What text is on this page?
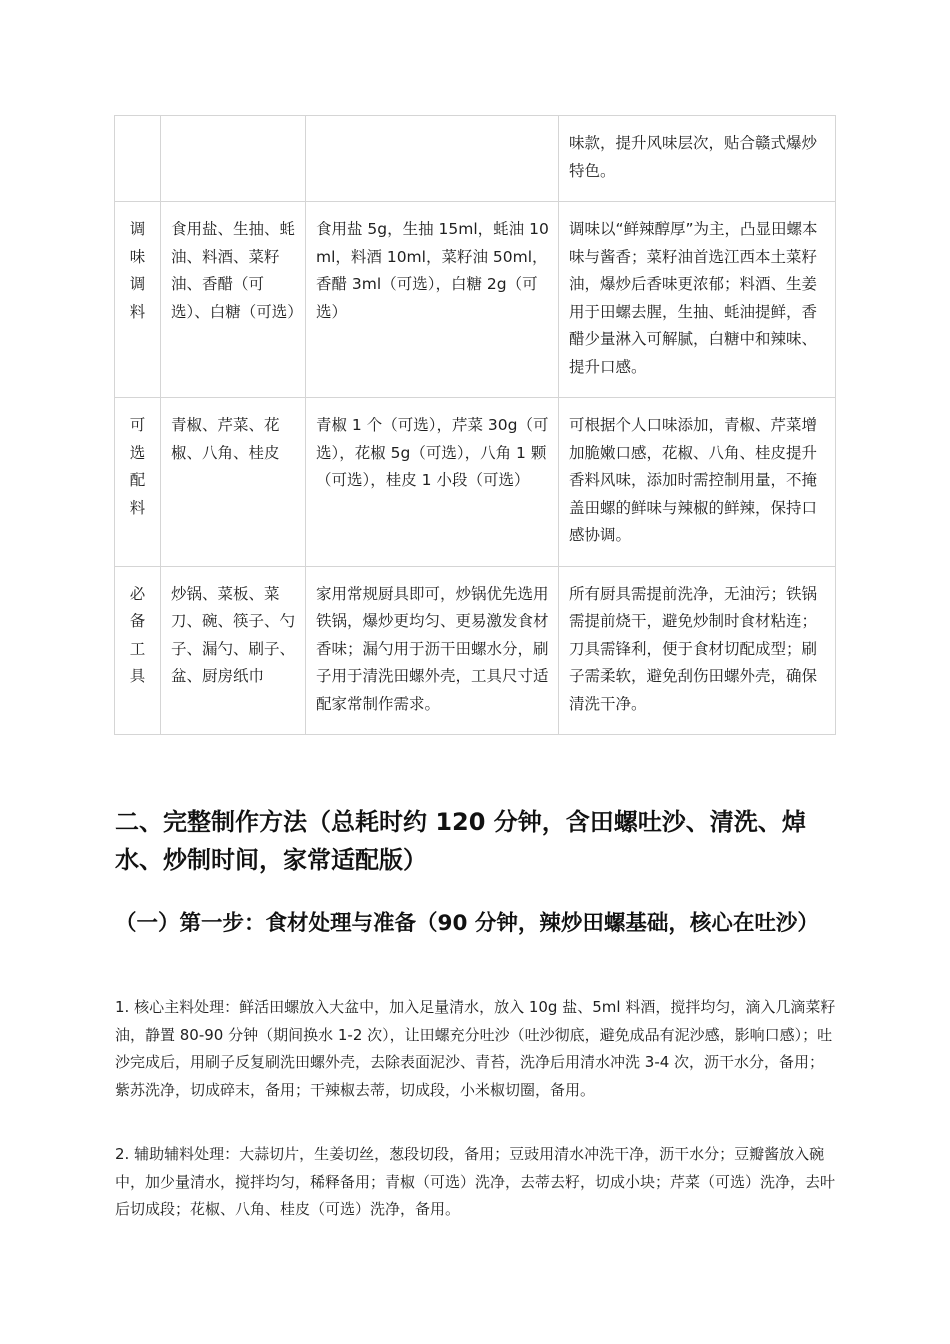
			味款，提升风味层次，贴合赣式爆炒特色。

调味调料	食用盐、生抽、蚝油、料酒、菜籽油、香醋（可选）、白糖（可选）	食用盐 5g，生抽 15ml，蚝油 10ml，料酒 10ml，菜籽油 50ml，香醋 3ml（可选），白糖 2g（可选）	调味以“鲜辣醇厚”为主，凸显田螺本味与酱香；菜籽油首选江西本土菜籽油，爆炒后香味更浓郁；料酒、生姜用于田螺去腥，生抽、蚝油提鲜，香醋少量淋入可解腻，白糖中和辣味、提升口感。

可选配料	青椒、芹菜、花椒、八角、桂皮	青椒 1 个（可选），芹菜 30g（可选），花椒 5g（可选），八角 1 颗（可选），桂皮 1 小段（可选）	可根据个人口味添加，青椒、芹菜增加脆嫩口感，花椒、八角、桂皮提升香料风味，添加时需控制用量，不掩盖田螺的鲜味与辣椒的鲜辣，保持口感协调。

必备工具	炒锅、菜板、菜刀、碗、筷子、勺子、漏勺、刷子、盆、厨房纸巾	家用常规厨具即可，炒锅优先选用铁锅，爆炒更均匀、更易激发食材香味；漏勺用于沥干田螺水分，刷子用于清洗田螺外壳，工具尺寸适配家常制作需求。	所有厨具需提前洗净，无油污；铁锅需提前烧干，避免炒制时食材粘连；刀具需锋利，便于食材切配成型；刷子需柔软，避免刮伤田螺外壳，确保清洗干净。
二、完整制作方法（总耗时约 120 分钟，含田螺吐沙、清洗、焯水、炒制时间，家常适配版）
（一）第一步：食材处理与准备（90 分钟，辣炒田螺基础，核心在吐沙）

1. 核心主料处理：鲜活田螺放入大盆中，加入足量清水，放入 10g 盐、5ml 料酒，搅拌均匀，滴入几滴菜籽油，静置 80-90 分钟（期间换水 1-2 次），让田螺充分吐沙（吐沙彻底，避免成品有泥沙感，影响口感）；吐沙完成后，用刷子反复刷洗田螺外壳，去除表面泥沙、青苔，洗净后用清水冲洗 3-4 次，沥干水分，备用；紫苏洗净，切成碎末，备用；干辣椒去蒂，切成段，小米椒切圈，备用。

2. 辅助辅料处理：大蒜切片，生姜切丝，葱段切段，备用；豆豉用清水冲洗干净，沥干水分；豆瓣酱放入碗中，加少量清水，搅拌均匀，稀释备用；青椒（可选）洗净，去蒂去籽，切成小块；芹菜（可选）洗净，去叶后切成段；花椒、八角、桂皮（可选）洗净，备用。
